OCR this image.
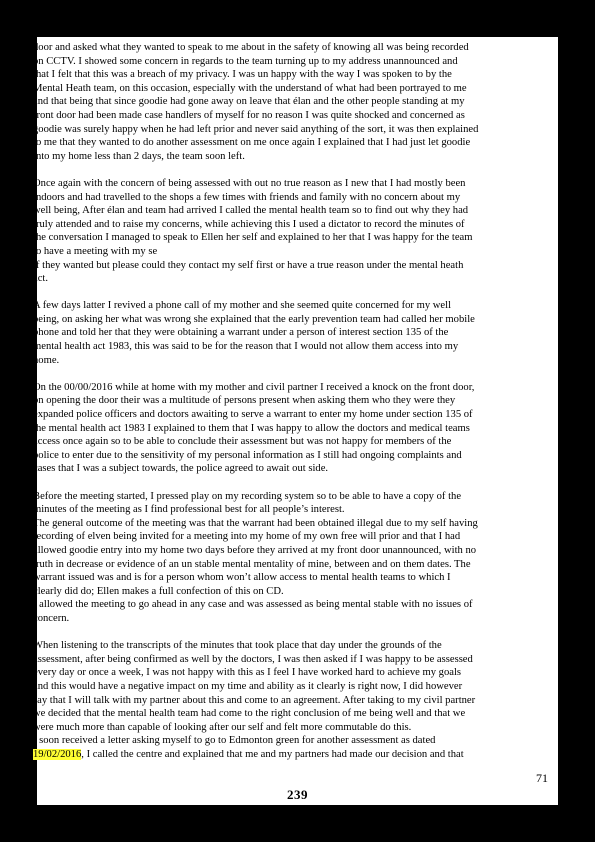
door and asked what they wanted to speak to me about in the safety of knowing all was being recorded
on CCTV. I showed some concern in regards to the team turning up to my address unannounced and
that I felt that this was a breach of my privacy. I was un happy with the way I was spoken to by the
Mental Heath team, on this occasion, especially with the understand of what had been portrayed to me
and that being that since goodie had gone away on leave that élan and the other people standing at my
front door had been made case handlers of myself for no reason I was quite shocked and concerned as
goodie was surely happy when he had left prior and never said anything of the sort, it was then explained
to me that they wanted to do another assessment on me once again I explained that I had just let goodie
into my home less than 2 days, the team soon left.
Once again with the concern of being assessed with out no true reason as I new that I had mostly been
indoors and had travelled to the shops a few times with friends and family with no concern about my
well being, After élan and team had arrived I called the mental health team so to find out why they had
truly attended and to raise my concerns, while achieving this I used a dictator to record the minutes of
the conversation I managed to speak to Ellen her self and explained to her that I was happy for the team
to have a meeting with my se
if they wanted but please could they contact my self first or have a true reason under the mental heath
act.
A few days latter I revived a phone call of my mother and she seemed quite concerned for my well
being, on asking her what was wrong she explained that the early prevention team had called her mobile
phone and told her that they were obtaining a warrant under a person of interest section 135 of the
mental health act 1983, this was said to be for the reason that I would not allow them access into my
home.
On the 00/00/2016 while at home with my mother and civil partner I received a knock on the front door,
on opening the door their was a multitude of persons present when asking them who they were they
expanded police officers and doctors awaiting to serve a warrant to enter my home under section 135 of
the mental health act 1983 I explained to them that I was happy to allow the doctors and medical teams
access once again so to be able to conclude their assessment but was not happy for members of the
police to enter due to the sensitivity of my personal information as I still had ongoing complaints and
cases that I was a subject towards, the police agreed to await out side.
Before the meeting started, I pressed play on my recording system so to be able to have a copy of the
minutes of the meeting as I find professional best for all people’s interest.
The general outcome of the meeting was that the warrant had been obtained illegal due to my self having
recording of elven being invited for a meeting into my home of my own free will prior and that I had
allowed goodie entry into my home two days before they arrived at my front door unannounced, with no
truth in decrease or evidence of an un stable mental mentality of mine, between and on them dates. The
warrant issued was and is for a person whom won’t allow access to mental health teams to which I
clearly did do; Ellen makes a full confection of this on CD.
I allowed the meeting to go ahead in any case and was assessed as being mental stable with no issues of
concern.
When listening to the transcripts of the minutes that took place that day under the grounds of the
assessment, after being confirmed as well by the doctors, I was then asked if I was happy to be assessed
every day or once a week, I was not happy with this as I feel I have worked hard to achieve my goals
and this would have a negative impact on my time and ability as it clearly is right now, I did however
say that I will talk with my partner about this and come to an agreement. After taking to my civil partner
we decided that the mental health team had come to the right conclusion of me being well and that we
were much more than capable of looking after our self and felt more commutable do this.
I soon received a letter asking myself to go to Edmonton green for another assessment as dated
19/02/2016, I called the centre and explained that me and my partners had made our decision and that
71
239
